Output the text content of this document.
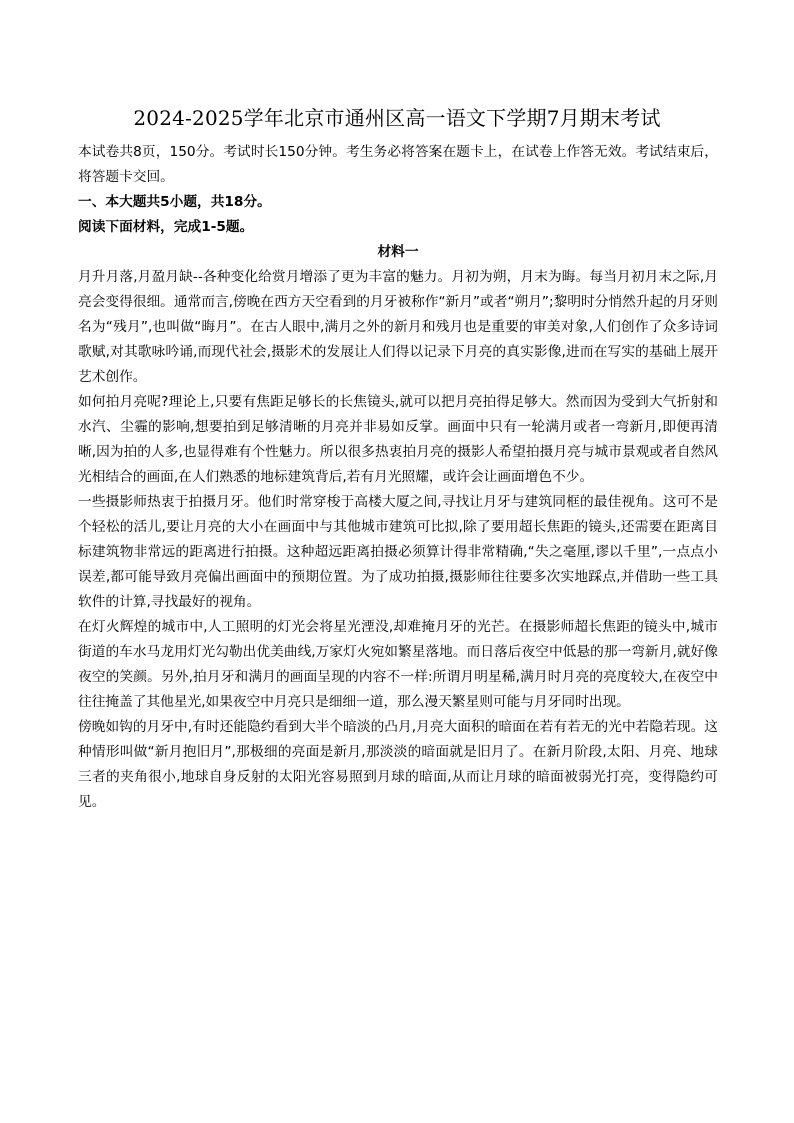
2024-2025学年北京市通州区高一语文下学期7月期末考试

本试卷共8页，150分。考试时长150分钟。考生务必将答案在题卡上，在试卷上作答无效。考试结束后，将答题卡交回。

一、本大题共5小题，共18分。

阅读下面材料，完成1-5题。

材料一

月升月落,月盈月缺--各种变化给赏月增添了更为丰富的魅力。月初为朔，月末为晦。每当月初月末之际,月亮会变得很细。通常而言,傍晚在西方天空看到的月牙被称作“新月”或者“朔月”;黎明时分悄然升起的月牙则名为“残月”,也叫做“晦月”。在古人眼中,满月之外的新月和残月也是重要的审美对象,人们创作了众多诗词歌赋,对其歌咏吟诵,而现代社会,摄影术的发展让人们得以记录下月亮的真实影像,进而在写实的基础上展开艺术创作。

如何拍月亮呢?理论上,只要有焦距足够长的长焦镜头,就可以把月亮拍得足够大。然而因为受到大气折射和水汽、尘霾的影响,想要拍到足够清晰的月亮并非易如反掌。画面中只有一轮满月或者一弯新月,即便再清晰,因为拍的人多,也显得难有个性魅力。所以很多热衷拍月亮的摄影人希望拍摄月亮与城市景观或者自然风光相结合的画面,在人们熟悉的地标建筑背后,若有月光照耀，或许会让画面增色不少。

一些摄影师热衷于拍摄月牙。他们时常穿梭于高楼大厦之间,寻找让月牙与建筑同框的最佳视角。这可不是个轻松的活儿,要让月亮的大小在画面中与其他城市建筑可比拟,除了要用超长焦距的镜头,还需要在距离目标建筑物非常远的距离进行拍摄。这种超远距离拍摄必须算计得非常精确,“失之毫厘,谬以千里”,一点点小误差,都可能导致月亮偏出画面中的预期位置。为了成功拍摄,摄影师往往要多次实地踩点,并借助一些工具软件的计算,寻找最好的视角。

在灯火辉煌的城市中,人工照明的灯光会将星光湮没,却难掩月牙的光芒。在摄影师超长焦距的镜头中,城市街道的车水马龙用灯光勾勒出优美曲线,万家灯火宛如繁星落地。而日落后夜空中低悬的那一弯新月,就好像夜空的笑颜。另外,拍月牙和满月的画面呈现的内容不一样:所谓月明星稀,满月时月亮的亮度较大,在夜空中往往掩盖了其他星光,如果夜空中月亮只是细细一道，那么漫天繁星则可能与月牙同时出现。

傍晚如钩的月牙中,有时还能隐约看到大半个暗淡的凸月,月亮大面积的暗面在若有若无的光中若隐若现。这种情形叫做“新月抱旧月”,那极细的亮面是新月,那淡淡的暗面就是旧月了。在新月阶段,太阳、月亮、地球三者的夹角很小,地球自身反射的太阳光容易照到月球的暗面,从而让月球的暗面被弱光打亮，变得隐约可见。
